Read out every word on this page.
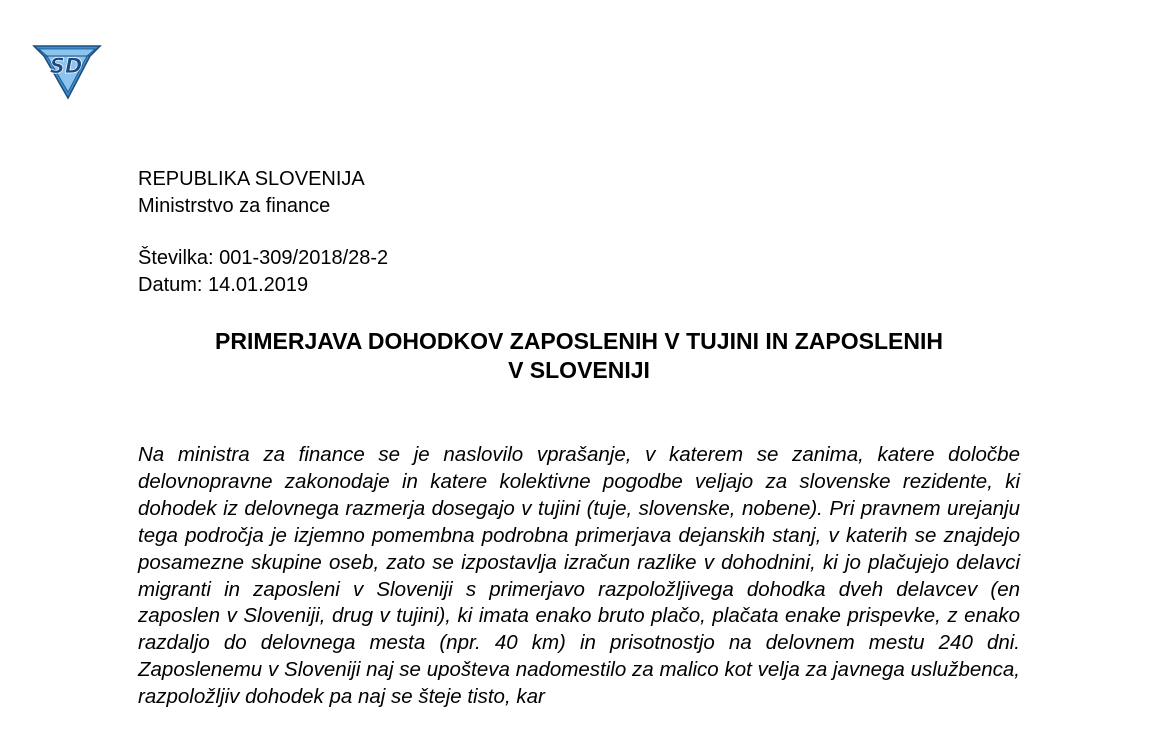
SD
REPUBLIKA SLOVENIJA
Ministrstvo za finance
Številka: 001-309/2018/28-2
Datum: 14.01.2019
PRIMERJAVA DOHODKOV ZAPOSLENIH V TUJINI IN ZAPOSLENIH
V SLOVENIJI

Na ministra za finance se je naslovilo vprašanje, v katerem se zanima, katere določbe delovnopravne zakonodaje in katere kolektivne pogodbe veljajo za slovenske rezidente, ki dohodek iz delovnega razmerja dosegajo v tujini (tuje, slovenske, nobene). Pri pravnem urejanju tega področja je izjemno pomembna podrobna primerjava dejanskih stanj, v katerih se znajdejo posamezne skupine oseb, zato se izpostavlja izračun razlike v dohodnini, ki jo plačujejo delavci migranti in zaposleni v Sloveniji s primerjavo razpoložljivega dohodka dveh delavcev (en zaposlen v Sloveniji, drug v tujini), ki imata enako bruto plačo, plačata enake prispevke, z enako razdaljo do delovnega mesta (npr. 40 km) in prisotnostjo na delovnem mestu 240 dni. Zaposlenemu v Sloveniji naj se upošteva nadomestilo za malico kot velja za javnega uslužbenca, razpoložljiv dohodek pa naj se šteje tisto, kar
